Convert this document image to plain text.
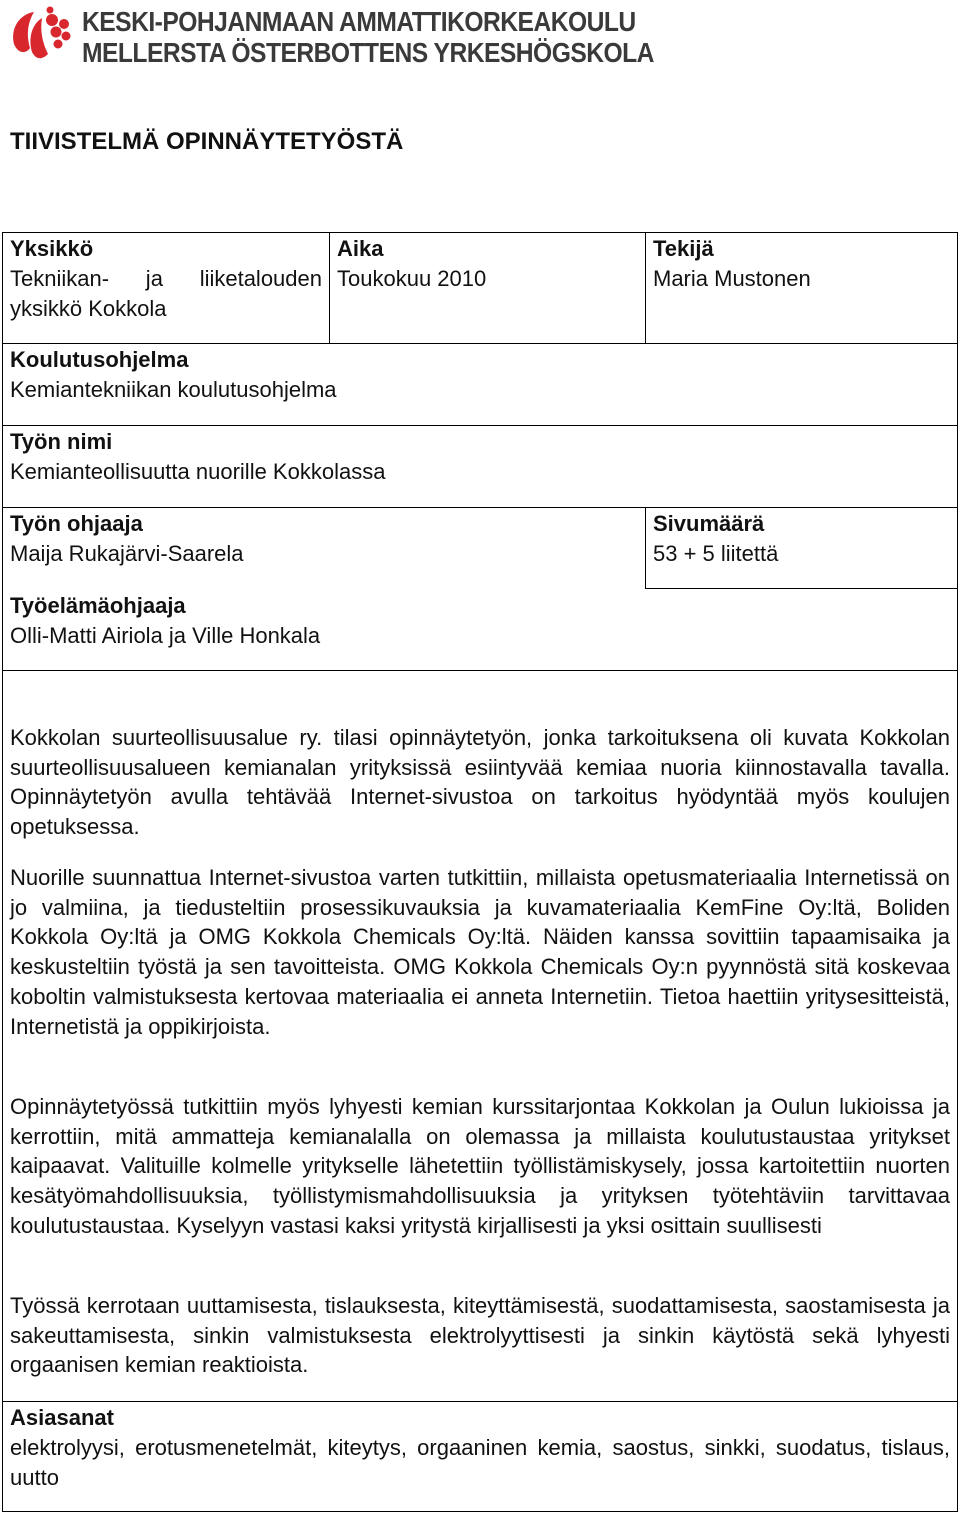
KESKI-POHJANMAAN AMMATTIKORKEAKOULU
MELLERSTA ÖSTERBOTTENS YRKESHÖGSKOLA
TIIVISTELMÄ OPINNÄYTETYÖSTÄ
Yksikkö
Tekniikan- ja liiketalouden yksikkö Kokkola
Aika
Toukokuu 2010
Tekijä
Maria Mustonen
Koulutusohjelma
Kemiantekniikan koulutusohjelma
Työn nimi
Kemianteollisuutta nuorille Kokkolassa
Työn ohjaaja
Maija Rukajärvi-Saarela
Sivumäärä
53 + 5 liitettä
Työelämäohjaaja
Olli-Matti Airiola ja Ville Honkala

Kokkolan suurteollisuusalue ry. tilasi opinnäytetyön, jonka tarkoituksena oli kuvata Kokkolan suurteollisuusalueen kemianalan yrityksissä esiintyvää kemiaa nuoria kiinnostavalla tavalla. Opinnäytetyön avulla tehtävää Internet-sivustoa on tarkoitus hyödyntää myös koulujen opetuksessa.

Nuorille suunnattua Internet-sivustoa varten tutkittiin, millaista opetusmateriaalia Internetissä on jo valmiina, ja tiedusteltiin prosessikuvauksia ja kuvamateriaalia KemFine Oy:ltä, Boliden Kokkola Oy:ltä ja OMG Kokkola Chemicals Oy:ltä. Näiden kanssa sovittiin tapaamisaika ja keskusteltiin työstä ja sen tavoitteista. OMG Kokkola Chemicals Oy:n pyynnöstä sitä koskevaa koboltin valmistuksesta kertovaa materiaalia ei anneta Internetiin. Tietoa haettiin yritysesitteistä, Internetistä ja oppikirjoista.

Opinnäytetyössä tutkittiin myös lyhyesti kemian kurssitarjontaa Kokkolan ja Oulun lukioissa ja kerrottiin, mitä ammatteja kemianalalla on olemassa ja millaista koulutustaustaa yritykset kaipaavat. Valituille kolmelle yritykselle lähetettiin työllistämiskysely, jossa kartoitettiin nuorten kesätyömahdollisuuksia, työllistymismahdollisuuksia ja yrityksen työtehtäviin tarvittavaa koulutustaustaa. Kyselyyn vastasi kaksi yritystä kirjallisesti ja yksi osittain suullisesti

Työssä kerrotaan uuttamisesta, tislauksesta, kiteyttämisestä, suodattamisesta, saostamisesta ja sakeuttamisesta, sinkin valmistuksesta elektrolyyttisesti ja sinkin käytöstä sekä lyhyesti orgaanisen kemian reaktioista.

Asiasanat
elektrolyysi, erotusmenetelmät, kiteytys, orgaaninen kemia, saostus, sinkki, suodatus, tislaus, uutto
